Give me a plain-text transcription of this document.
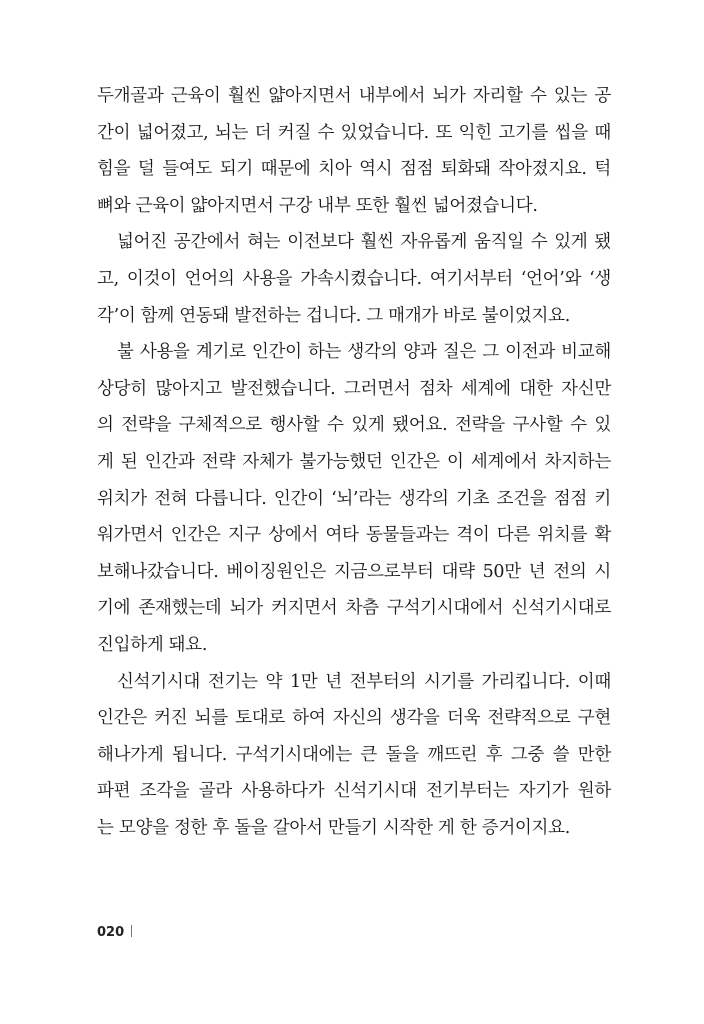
두개골과 근육이 훨씬 얇아지면서 내부에서 뇌가 자리할 수 있는 공
간이 넓어졌고, 뇌는 더 커질 수 있었습니다. 또 익힌 고기를 씹을 때
힘을 덜 들여도 되기 때문에 치아 역시 점점 퇴화돼 작아졌지요. 턱
뼈와 근육이 얇아지면서 구강 내부 또한 훨씬 넓어졌습니다.
넓어진 공간에서 혀는 이전보다 훨씬 자유롭게 움직일 수 있게 됐
고, 이것이 언어의 사용을 가속시켰습니다. 여기서부터 ‘언어’와 ‘생
각’이 함께 연동돼 발전하는 겁니다. 그 매개가 바로 불이었지요.
불 사용을 계기로 인간이 하는 생각의 양과 질은 그 이전과 비교해
상당히 많아지고 발전했습니다. 그러면서 점차 세계에 대한 자신만
의 전략을 구체적으로 행사할 수 있게 됐어요. 전략을 구사할 수 있
게 된 인간과 전략 자체가 불가능했던 인간은 이 세계에서 차지하는
위치가 전혀 다릅니다. 인간이 ‘뇌’라는 생각의 기초 조건을 점점 키
워가면서 인간은 지구 상에서 여타 동물들과는 격이 다른 위치를 확
보해나갔습니다. 베이징원인은 지금으로부터 대략 50만 년 전의 시
기에 존재했는데 뇌가 커지면서 차츰 구석기시대에서 신석기시대로
진입하게 돼요.
신석기시대 전기는 약 1만 년 전부터의 시기를 가리킵니다. 이때
인간은 커진 뇌를 토대로 하여 자신의 생각을 더욱 전략적으로 구현
해나가게 됩니다. 구석기시대에는 큰 돌을 깨뜨린 후 그중 쓸 만한
파편 조각을 골라 사용하다가 신석기시대 전기부터는 자기가 원하
는 모양을 정한 후 돌을 갈아서 만들기 시작한 게 한 증거이지요.
020
